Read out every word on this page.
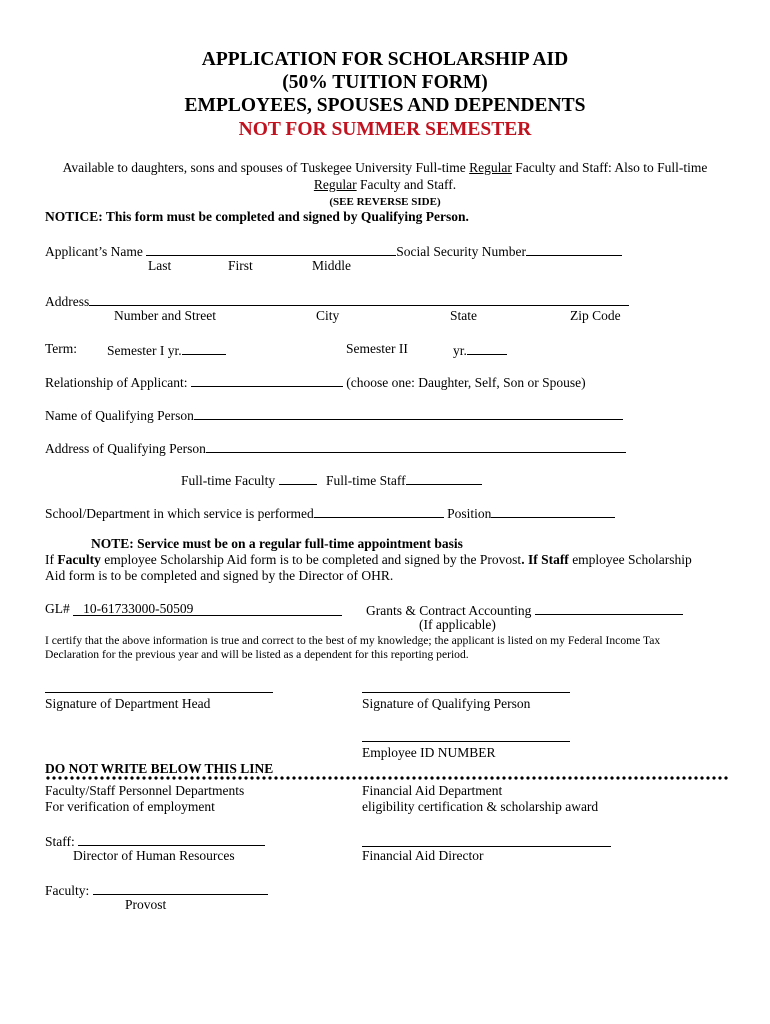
APPLICATION FOR SCHOLARSHIP AID
(50% TUITION FORM)
EMPLOYEES, SPOUSES AND DEPENDENTS
NOT FOR SUMMER SEMESTER
Available to daughters, sons and spouses of Tuskegee University Full-time Regular Faculty and Staff: Also to Full-time
Regular Faculty and Staff.
(SEE REVERSE SIDE)
NOTICE: This form must be completed and signed by Qualifying Person.
Applicant’s Name	Social Security Number
Last	First	Middle
Address
Number and Street	City	State	Zip Code
Term: Semester I yr.	Semester II	yr.
Relationship of Applicant:	(choose one: Daughter, Self, Son or Spouse)
Name of Qualifying Person
Address of Qualifying Person
Full-time Faculty	Full-time Staff
School/Department in which service is performed	Position
NOTE: Service must be on a regular full-time appointment basis
If Faculty employee Scholarship Aid form is to be completed and signed by the Provost. If Staff employee Scholarship
Aid form is to be completed and signed by the Director of OHR.
GL# 10-61733000-50509	Grants & Contract Accounting
(If applicable)
I certify that the above information is true and correct to the best of my knowledge; the applicant is listed on my Federal Income Tax
Declaration for the previous year and will be listed as a dependent for this reporting period.
Signature of Department Head	Signature of Qualifying Person
Employee ID NUMBER
DO NOT WRITE BELOW THIS LINE
Faculty/Staff Personnel Departments
For verification of employment
Financial Aid Department
eligibility certification & scholarship award
Staff:
Director of Human Resources	Financial Aid Director
Faculty:
Provost
